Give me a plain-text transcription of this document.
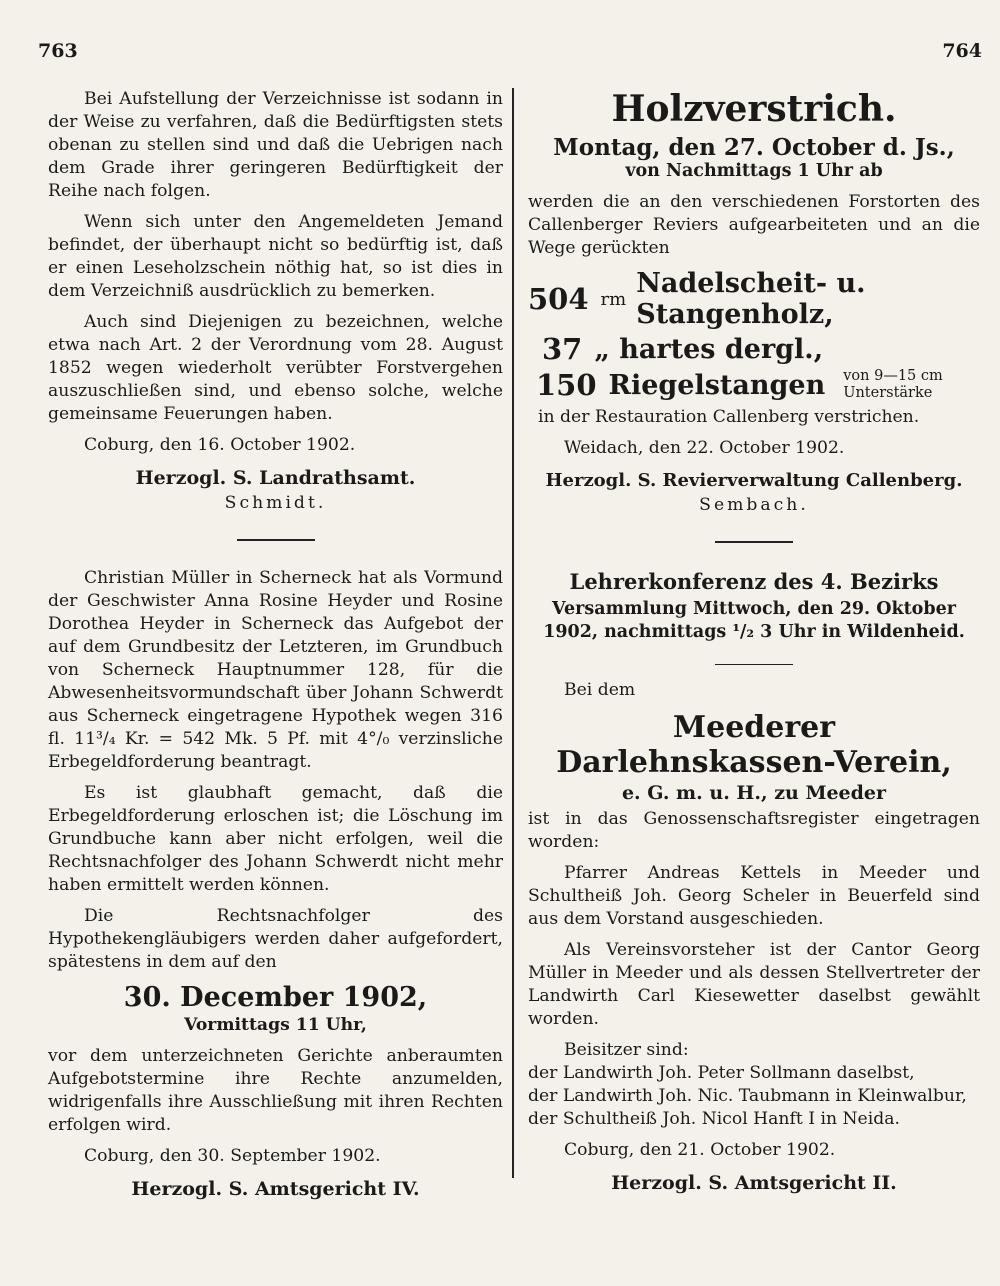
763	764

Bei Aufstellung der Verzeichnisse ist sodann in der Weise zu verfahren, daß die Bedürftigsten stets obenan zu stellen sind und daß die Uebrigen nach dem Grade ihrer geringeren Bedürftigkeit der Reihe nach folgen.

Wenn sich unter den Angemeldeten Jemand befindet, der überhaupt nicht so bedürftig ist, daß er einen Leseholzschein nöthig hat, so ist dies in dem Verzeichniß ausdrücklich zu bemerken.

Auch sind Diejenigen zu bezeichnen, welche etwa nach Art. 2 der Verordnung vom 28. August 1852 wegen wiederholt verübter Forstvergehen auszuschließen sind, und ebenso solche, welche gemeinsame Feuerungen haben.

Coburg, den 16. October 1902.

Herzogl. S. Landrathsamt.

Schmidt.

Christian Müller in Scherneck hat als Vormund der Geschwister Anna Rosine Heyder und Rosine Dorothea Heyder in Scherneck das Aufgebot der auf dem Grundbesitz der Letzteren, im Grundbuch von Scherneck Hauptnummer 128, für die Abwesenheitsvormundschaft über Johann Schwerdt aus Scherneck eingetragene Hypothek wegen 316 fl. 11³/₄ Kr. = 542 Mk. 5 Pf. mit 4°/₀ verzinsliche Erbegeldforderung beantragt.

Es ist glaubhaft gemacht, daß die Erbegeldforderung erloschen ist; die Löschung im Grundbuche kann aber nicht erfolgen, weil die Rechtsnachfolger des Johann Schwerdt nicht mehr haben ermittelt werden können.

Die Rechtsnachfolger des Hypothekengläubigers werden daher aufgefordert, spätestens in dem auf den

30. December 1902,

Vormittags 11 Uhr,

vor dem unterzeichneten Gerichte anberaumten Aufgebotstermine ihre Rechte anzumelden, widrigenfalls ihre Ausschließung mit ihren Rechten erfolgen wird.

Coburg, den 30. September 1902.

Herzogl. S. Amtsgericht IV.

Holzverstrich.

Montag, den 27. October d. Js.,

von Nachmittags 1 Uhr ab

werden die an den verschiedenen Forstorten des Callenberger Reviers aufgearbeiteten und an die Wege gerückten

504 rm Nadelscheit- u. Stangenholz,
37 „ hartes dergl.,
150 Riegelstangen von 9—15 cm
Unterstärke

in der Restauration Callenberg verstrichen.

Weidach, den 22. October 1902.

Herzogl. S. Revierverwaltung Callenberg.

Sembach.

Lehrerkonferenz des 4. Bezirks

Versammlung Mittwoch, den 29. Oktober 1902, nachmittags ¹/₂ 3 Uhr in Wildenheid.

Bei dem

Meederer Darlehnskassen-Verein,

e. G. m. u. H., zu Meeder

ist in das Genossenschaftsregister eingetragen worden:

Pfarrer Andreas Kettels in Meeder und Schultheiß Joh. Georg Scheler in Beuerfeld sind aus dem Vorstand ausgeschieden.

Als Vereinsvorsteher ist der Cantor Georg Müller in Meeder und als dessen Stellvertreter der Landwirth Carl Kiesewetter daselbst gewählt worden.

Beisitzer sind:

der Landwirth Joh. Peter Sollmann daselbst,

der Landwirth Joh. Nic. Taubmann in Kleinwalbur,

der Schultheiß Joh. Nicol Hanft I in Neida.

Coburg, den 21. October 1902.

Herzogl. S. Amtsgericht II.
